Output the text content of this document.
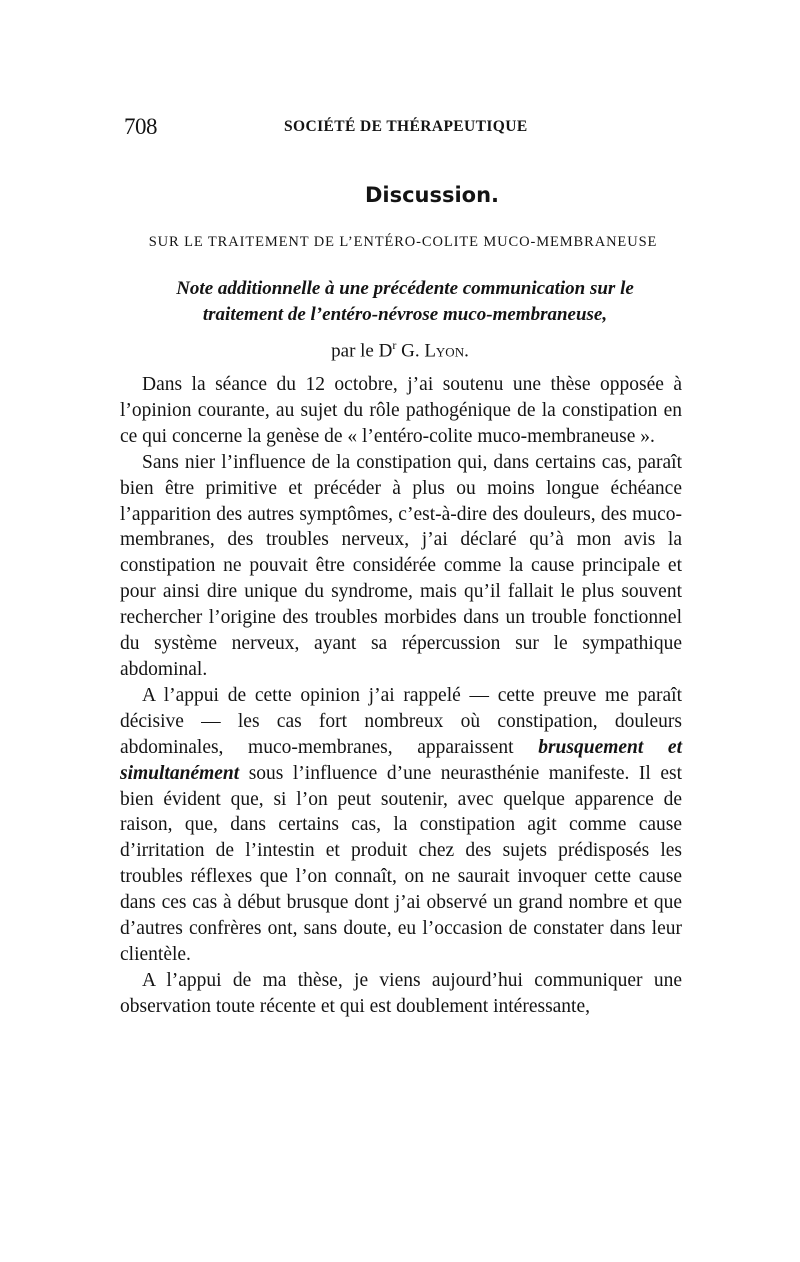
708	SOCIÉTÉ DE THÉRAPEUTIQUE
Discussion.
SUR LE TRAITEMENT DE L’ENTÉRO-COLITE MUCO-MEMBRANEUSE
Note additionnelle à une précédente communication sur le traitement de l’entéro-névrose muco-membraneuse,
par le $D^r$ G. Lyon.

Dans la séance du 12 octobre, j’ai soutenu une thèse opposée à l’opinion courante, au sujet du rôle pathogénique de la constipation en ce qui concerne la genèse de « l’entéro-colite muco-membraneuse ».

Sans nier l’influence de la constipation qui, dans certains cas, paraît bien être primitive et précéder à plus ou moins longue échéance l’apparition des autres symptômes, c’est-à-dire des douleurs, des muco-membranes, des troubles nerveux, j’ai déclaré qu’à mon avis la constipation ne pouvait être considérée comme la cause principale et pour ainsi dire unique du syndrome, mais qu’il fallait le plus souvent rechercher l’origine des troubles morbides dans un trouble fonctionnel du système nerveux, ayant sa répercussion sur le sympathique abdominal.

A l’appui de cette opinion j’ai rappelé — cette preuve me paraît décisive — les cas fort nombreux où constipation, douleurs abdominales, muco-membranes, apparaissent brusquement et simultanément sous l’influence d’une neurasthénie manifeste. Il est bien évident que, si l’on peut soutenir, avec quelque apparence de raison, que, dans certains cas, la constipation agit comme cause d’irritation de l’intestin et produit chez des sujets prédisposés les troubles réflexes que l’on connaît, on ne saurait invoquer cette cause dans ces cas à début brusque dont j’ai observé un grand nombre et que d’autres confrères ont, sans doute, eu l’occasion de constater dans leur clientèle.

A l’appui de ma thèse, je viens aujourd’hui communiquer une observation toute récente et qui est doublement intéressante,
